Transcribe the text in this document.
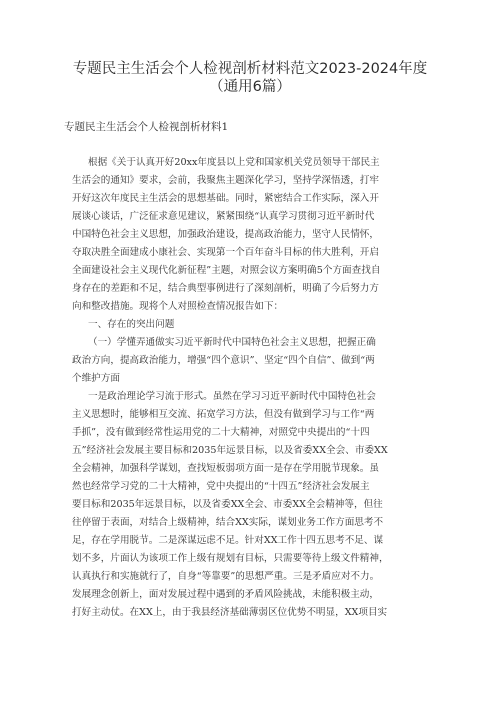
专题民主生活会个人检视剖析材料范文2023-2024年度
（通用6篇）
专题民主生活会个人检视剖析材料1
根据《关于认真开好20xx年度县以上党和国家机关党员领导干部民主
生活会的通知》要求，会前，我聚焦主题深化学习，坚持学深悟透，打牢
开好这次年度民主生活会的思想基础。同时，紧密结合工作实际，深入开
展谈心谈话，广泛征求意见建议，紧紧围绕“认真学习贯彻习近平新时代
中国特色社会主义思想，加强政治建设，提高政治能力，坚守人民情怀，
夺取决胜全面建成小康社会、实现第一个百年奋斗目标的伟大胜利，开启
全面建设社会主义现代化新征程”主题，对照会议方案明确5个方面查找自
身存在的差距和不足，结合典型事例进行了深刻剖析，明确了今后努力方
向和整改措施。现将个人对照检查情况报告如下：
一、存在的突出问题
（一）学懂弄通做实习近平新时代中国特色社会主义思想，把握正确
政治方向，提高政治能力，增强“四个意识”、坚定“四个自信”、做到“两
个维护方面
一是政治理论学习流于形式。虽然在学习习近平新时代中国特色社会
主义思想时，能够相互交流、拓宽学习方法，但没有做到学习与工作“两
手抓”，没有做到经常性运用党的二十大精神，对照党中央提出的“十四
五”经济社会发展主要目标和2035年远景目标，以及省委XX全会、市委XX
全会精神，加强科学谋划，查找短板弱项方面一是存在学用脱节现象。虽
然也经常学习党的二十大精神，党中央提出的“十四五”经济社会发展主
要目标和2035年远景目标，以及省委XX全会、市委XX全会精神等，但往
往停留于表面，对结合上级精神，结合XX实际，谋划业务工作方面思考不
足，存在学用脱节。二是深谋远虑不足。针对XX工作十四五思考不足、谋
划不多，片面认为该项工作上级有规划有目标，只需要等待上级文件精神，
认真执行和实施就行了，自身“等靠要”的思想严重。三是矛盾应对不力。
发展理念创新上，面对发展过程中遇到的矛盾风险挑战，未能积极主动，
打好主动仗。在XX上，由于我县经济基础薄弱区位优势不明显，XX项目实
